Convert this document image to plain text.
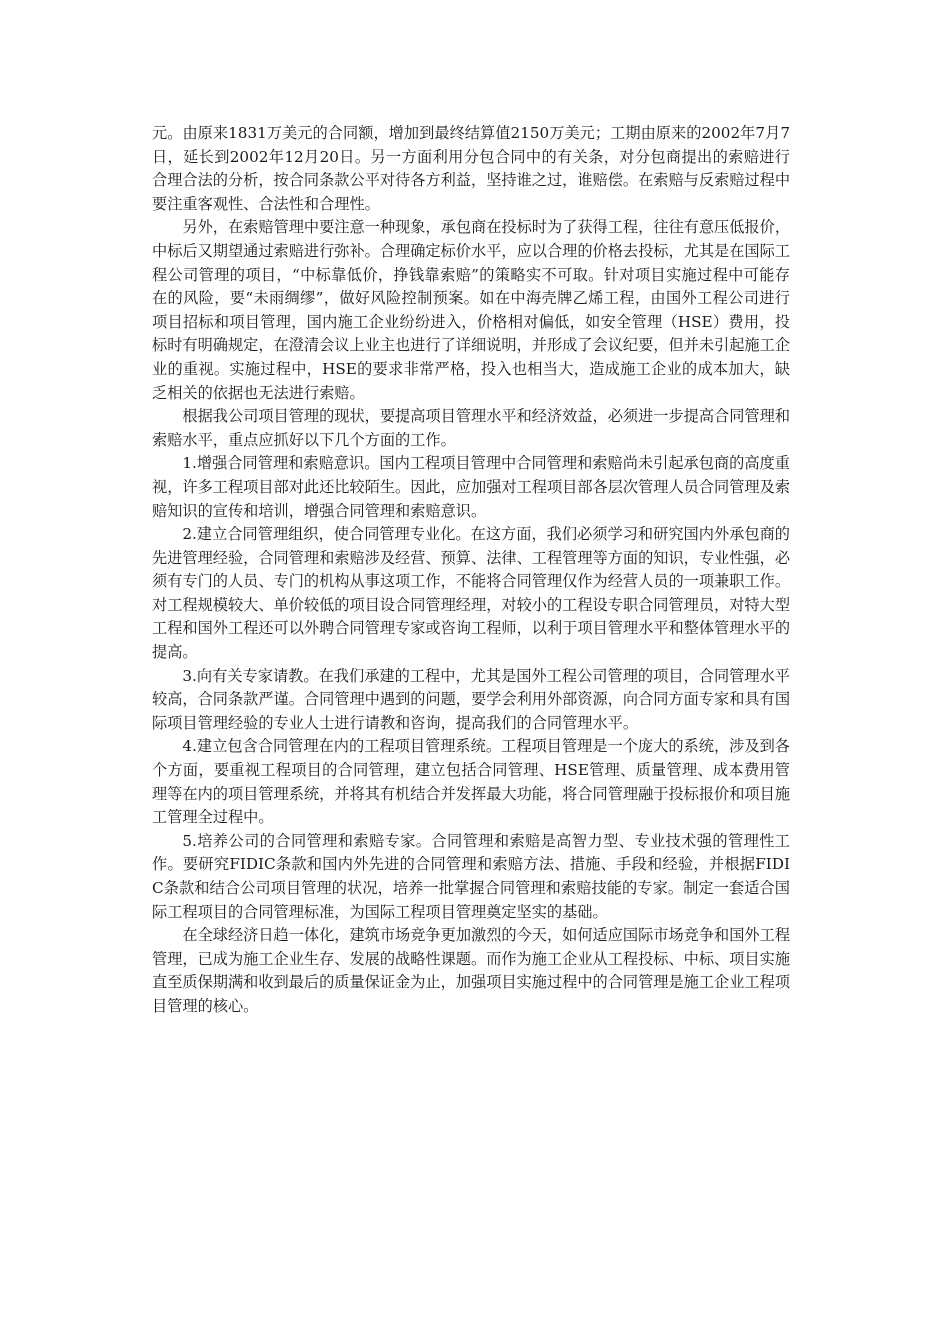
元。由原来1831万美元的合同额，增加到最终结算值2150万美元；工期由原来的2002年7月7日，延长到2002年12月20日。另一方面利用分包合同中的有关条，对分包商提出的索赔进行合理合法的分析，按合同条款公平对待各方利益，坚持谁之过，谁赔偿。在索赔与反索赔过程中要注重客观性、合法性和合理性。

另外，在索赔管理中要注意一种现象，承包商在投标时为了获得工程，往往有意压低报价，中标后又期望通过索赔进行弥补。合理确定标价水平，应以合理的价格去投标，尤其是在国际工程公司管理的项目，“中标靠低价，挣钱靠索赔”的策略实不可取。针对项目实施过程中可能存在的风险，要“未雨绸缪”，做好风险控制预案。如在中海壳牌乙烯工程，由国外工程公司进行项目招标和项目管理，国内施工企业纷纷进入，价格相对偏低，如安全管理（HSE）费用，投标时有明确规定，在澄清会议上业主也进行了详细说明，并形成了会议纪要，但并未引起施工企业的重视。实施过程中，HSE的要求非常严格，投入也相当大，造成施工企业的成本加大，缺乏相关的依据也无法进行索赔。

根据我公司项目管理的现状，要提高项目管理水平和经济效益，必须进一步提高合同管理和索赔水平，重点应抓好以下几个方面的工作。

1.增强合同管理和索赔意识。国内工程项目管理中合同管理和索赔尚未引起承包商的高度重视，许多工程项目部对此还比较陌生。因此，应加强对工程项目部各层次管理人员合同管理及索赔知识的宣传和培训，增强合同管理和索赔意识。

2.建立合同管理组织，使合同管理专业化。在这方面，我们必须学习和研究国内外承包商的先进管理经验，合同管理和索赔涉及经营、预算、法律、工程管理等方面的知识，专业性强，必须有专门的人员、专门的机构从事这项工作，不能将合同管理仅作为经营人员的一项兼职工作。对工程规模较大、单价较低的项目设合同管理经理，对较小的工程设专职合同管理员，对特大型工程和国外工程还可以外聘合同管理专家或咨询工程师，以利于项目管理水平和整体管理水平的提高。

3.向有关专家请教。在我们承建的工程中，尤其是国外工程公司管理的项目，合同管理水平较高，合同条款严谨。合同管理中遇到的问题，要学会利用外部资源，向合同方面专家和具有国际项目管理经验的专业人士进行请教和咨询，提高我们的合同管理水平。

4.建立包含合同管理在内的工程项目管理系统。工程项目管理是一个庞大的系统，涉及到各个方面，要重视工程项目的合同管理，建立包括合同管理、HSE管理、质量管理、成本费用管理等在内的项目管理系统，并将其有机结合并发挥最大功能，将合同管理融于投标报价和项目施工管理全过程中。

5.培养公司的合同管理和索赔专家。合同管理和索赔是高智力型、专业技术强的管理性工作。要研究FIDIC条款和国内外先进的合同管理和索赔方法、措施、手段和经验，并根据FIDIC条款和结合公司项目管理的状况，培养一批掌握合同管理和索赔技能的专家。制定一套适合国际工程项目的合同管理标准，为国际工程项目管理奠定坚实的基础。

在全球经济日趋一体化，建筑市场竞争更加激烈的今天，如何适应国际市场竞争和国外工程管理，已成为施工企业生存、发展的战略性课题。而作为施工企业从工程投标、中标、项目实施直至质保期满和收到最后的质量保证金为止，加强项目实施过程中的合同管理是施工企业工程项目管理的核心。
